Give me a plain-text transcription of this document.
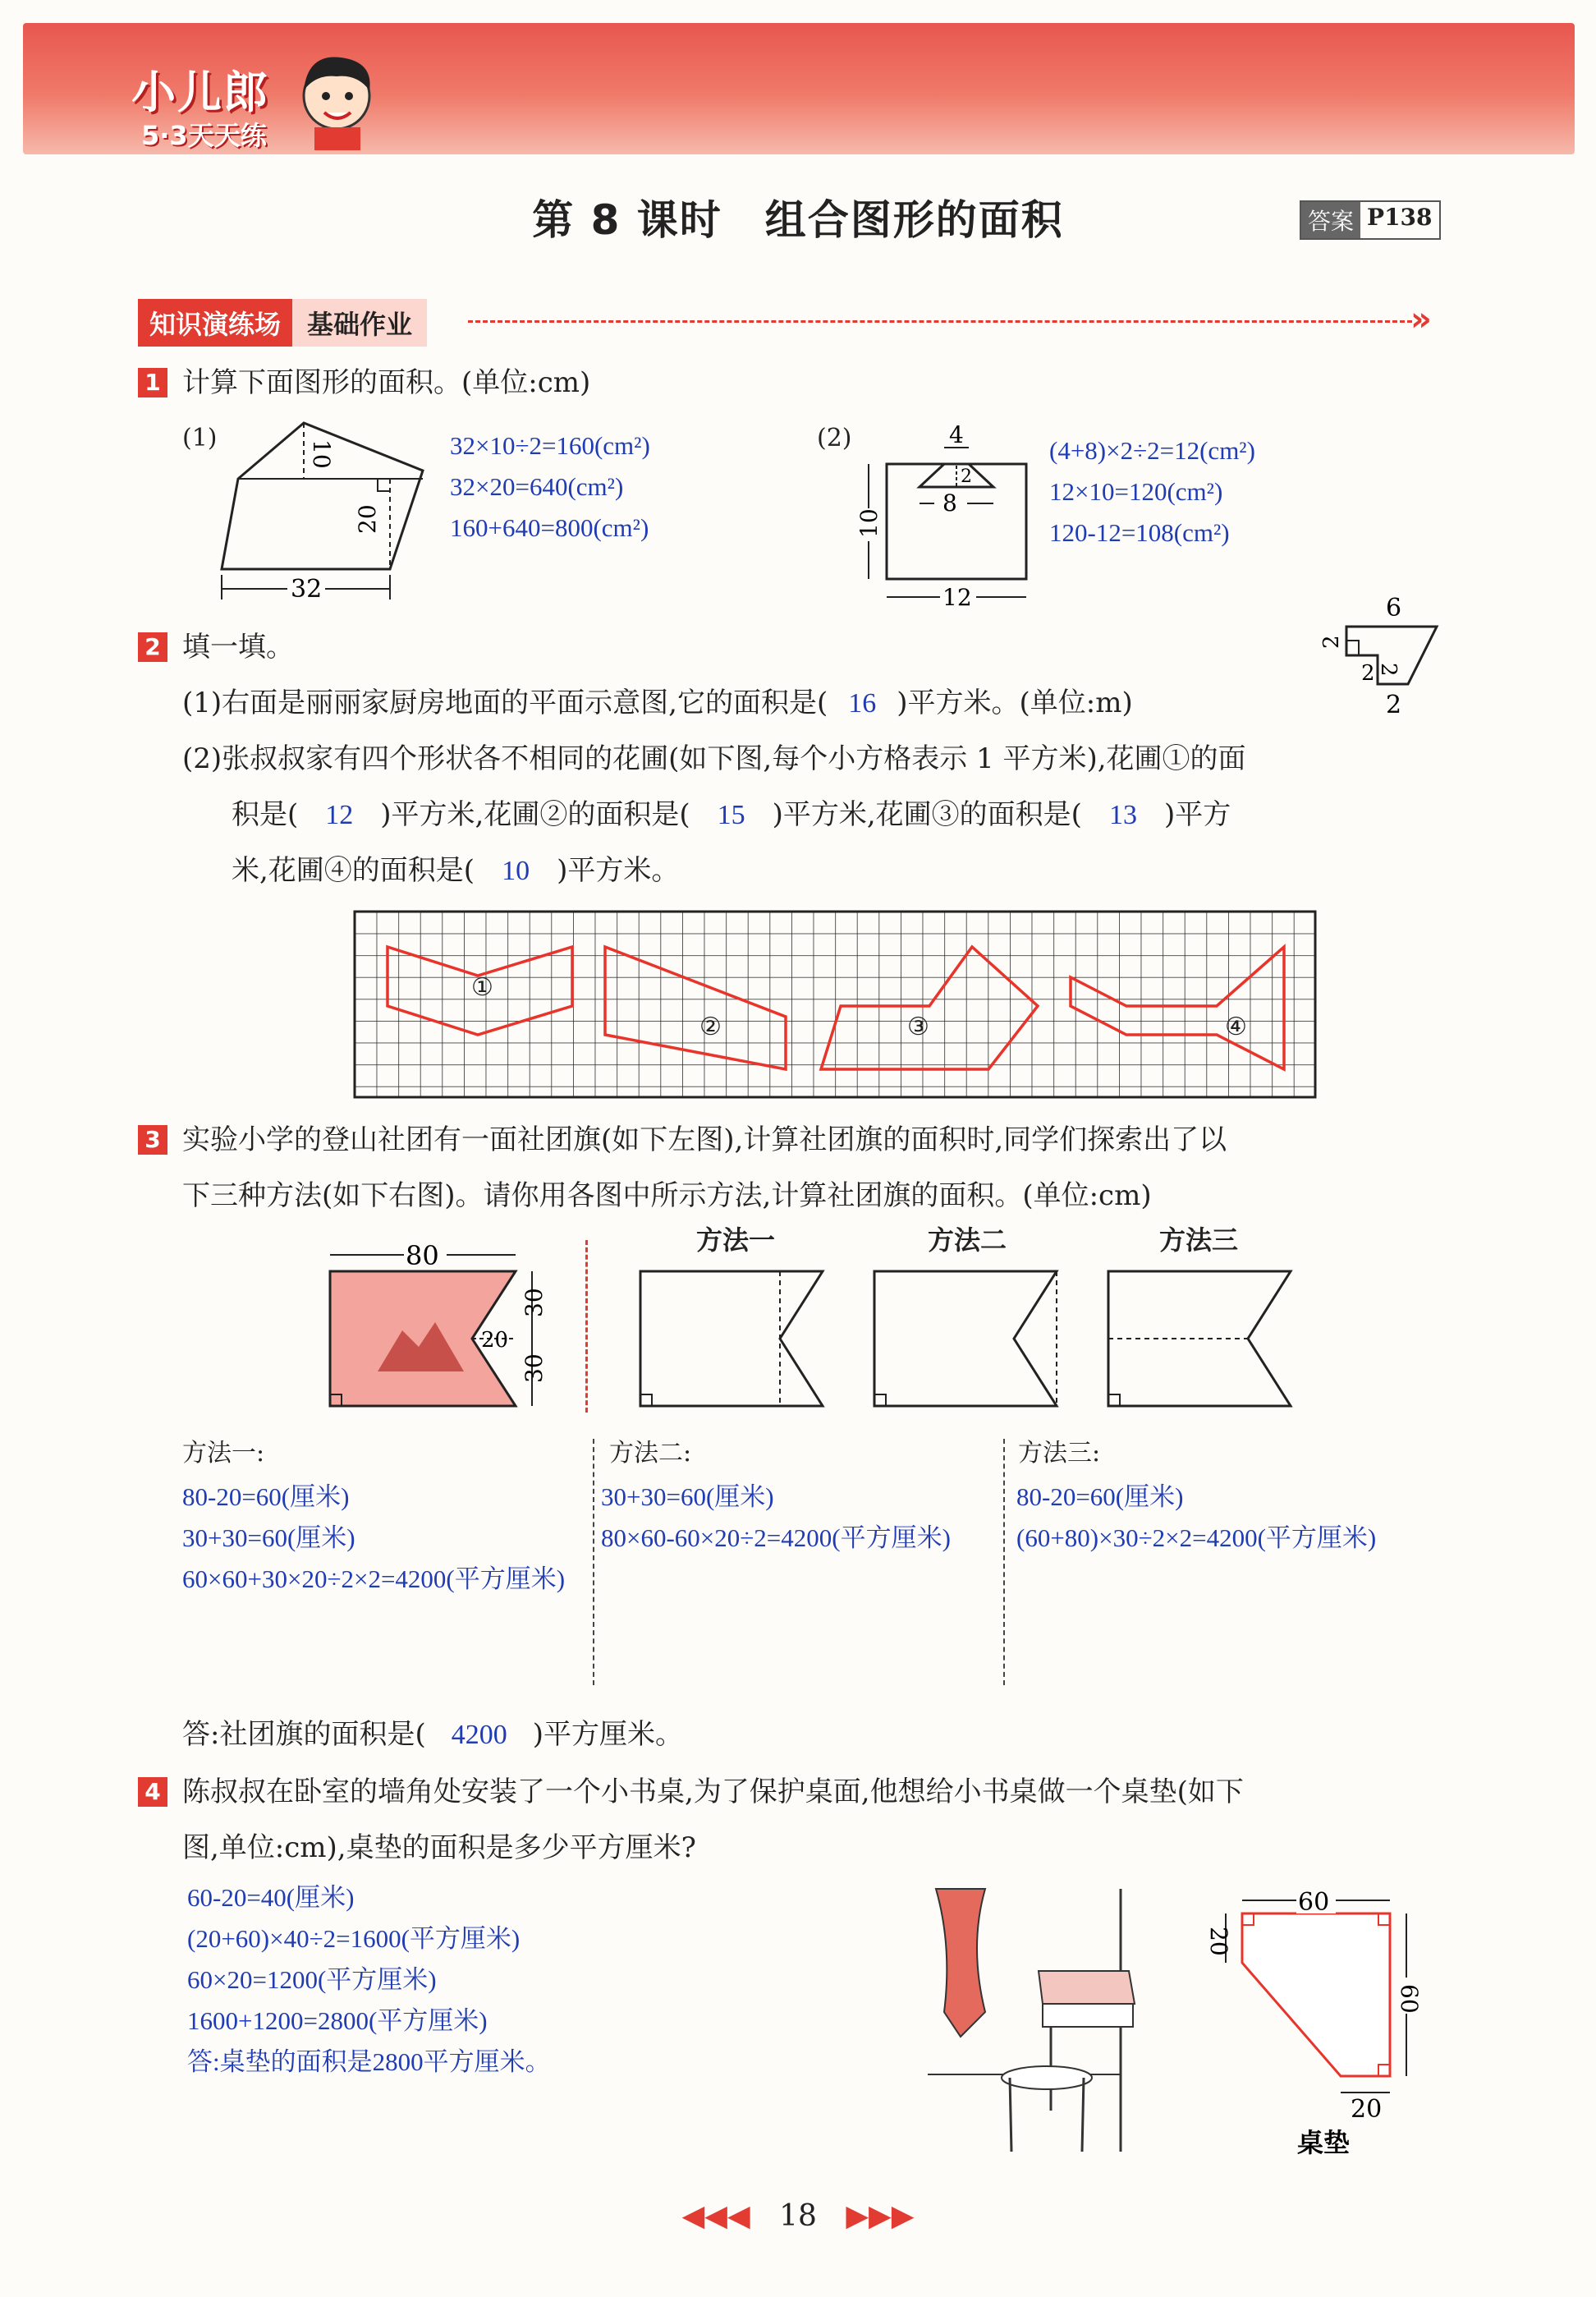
小儿郎
5·3天天练
第 8 课时　组合图形的面积	答案 P138
知识演练场	基础作业	»
1 计算下面图形的面积。(单位:cm)
(1)
10
20
32
32×10÷2=160(cm²)
32×20=640(cm²)
160+640=800(cm²)
(2)	4
2
8
10
12
(4+8)×2÷2=12(cm²)
12×10=120(cm²)
120-12=108(cm²)
2 填一填。
6
2
2 2
2
(1)右面是丽丽家厨房地面的平面示意图,它的面积是( 16 )平方米。(单位:m)
(2)张叔叔家有四个形状各不相同的花圃(如下图,每个小方格表示 1 平方米),花圃①的面
积是( 12 )平方米,花圃②的面积是( 15 )平方米,花圃③的面积是( 13 )平方
米,花圃④的面积是( 10 )平方米。
①
②	③	④
3 实验小学的登山社团有一面社团旗(如下左图),计算社团旗的面积时,同学们探索出了以
下三种方法(如下右图)。请你用各图中所示方法,计算社团旗的面积。(单位:cm)
80
30
20
30
方法一	方法二	方法三
方法一:
80-20=60(厘米)
30+30=60(厘米)
60×60+30×20÷2×2=4200(平方厘米)
方法二:
30+30=60(厘米)
80×60-60×20÷2=4200(平方厘米)
方法三:
80-20=60(厘米)
(60+80)×30÷2×2=4200(平方厘米)
答:社团旗的面积是( 4200 )平方厘米。
4 陈叔叔在卧室的墙角处安装了一个小书桌,为了保护桌面,他想给小书桌做一个桌垫(如下
图,单位:cm),桌垫的面积是多少平方厘米?
60-20=40(厘米)
(20+60)×40÷2=1600(平方厘米)
60×20=1200(平方厘米)
1600+1200=2800(平方厘米)
答:桌垫的面积是2800平方厘米。
60
20
60
20
桌垫
◀◀◀ 18 ▶▶▶
